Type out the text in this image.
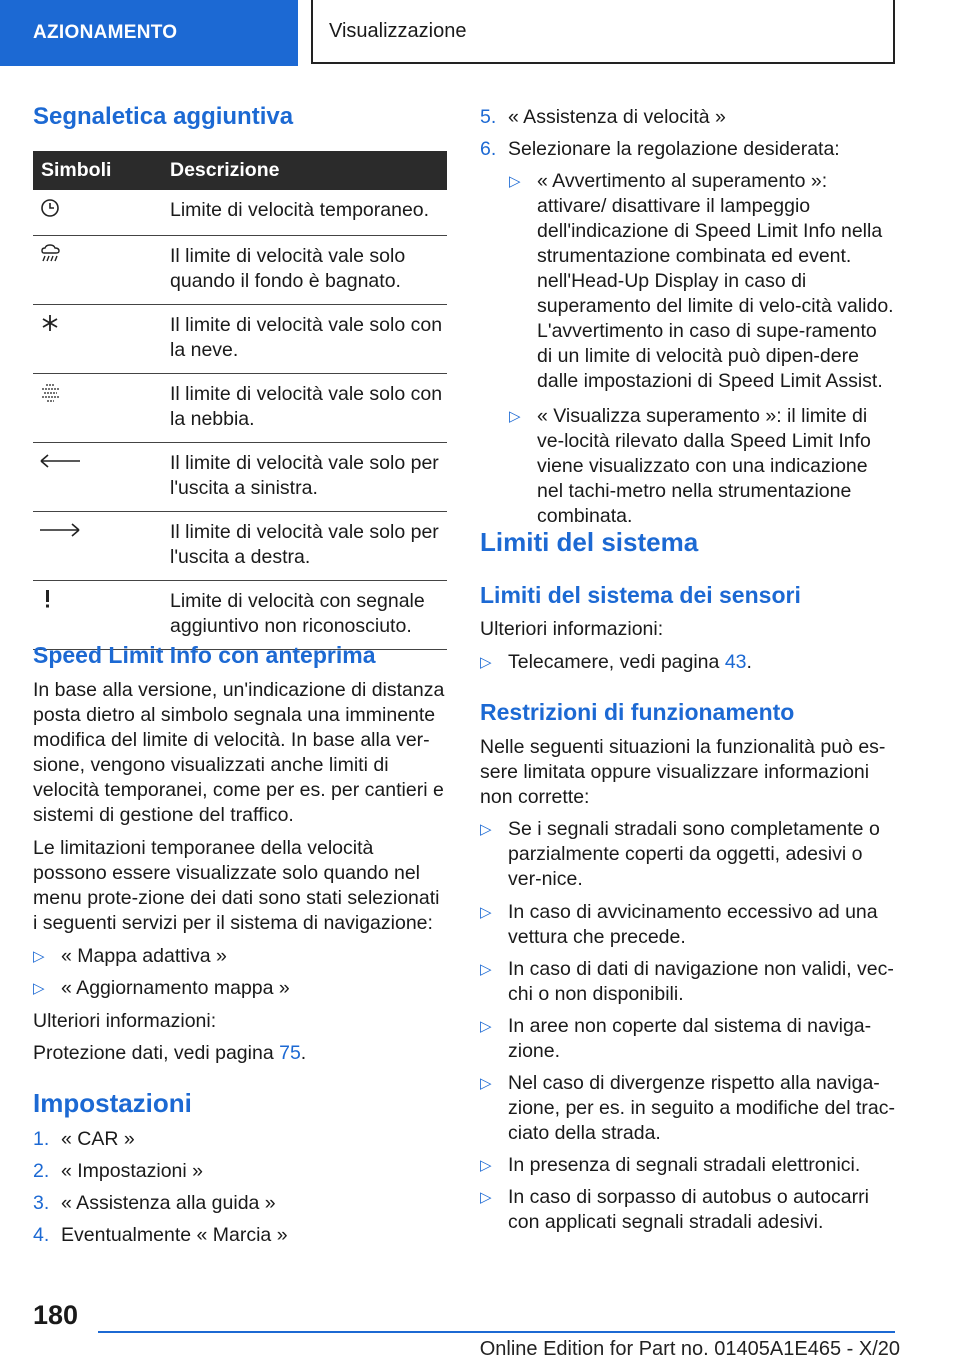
AZIONAMENTO	Visualizzazione
Segnaletica aggiuntiva
Simboli	Descrizione
	Limite di velocità temporaneo.
	Il limite di velocità vale solo quando il fondo è bagnato.
	Il limite di velocità vale solo con la neve.
	Il limite di velocità vale solo con la nebbia.
	Il limite di velocità vale solo per l'uscita a sinistra.
	Il limite di velocità vale solo per l'uscita a destra.
	Limite di velocità con segnale aggiuntivo non riconosciuto.
Speed Limit Info con anteprima

In base alla versione, un'indicazione di distanza posta dietro al simbolo segnala una imminente modifica del limite di velocità. In base alla ver-sione, vengono visualizzati anche limiti di velocità temporanei, come per es. per cantieri e sistemi di gestione del traffico.

Le limitazioni temporanee della velocità possono essere visualizzate solo quando nel menu prote-zione dei dati sono stati selezionati i seguenti servizi per il sistema di navigazione:

▷ « Mappa adattiva »

▷ « Aggiornamento mappa »

Ulteriori informazioni:

Protezione dati, vedi pagina 75.

Impostazioni

1. « CAR »

2. « Impostazioni »

3. « Assistenza alla guida »

4. Eventualmente « Marcia »

5. « Assistenza di velocità »

6. Selezionare la regolazione desiderata:

▷ « Avvertimento al superamento »: attivare/ disattivare il lampeggio dell'indicazione di Speed Limit Info nella strumentazione combinata ed event. nell'Head-Up Display in caso di superamento del limite di velo-cità valido. L'avvertimento in caso di supe-ramento di un limite di velocità può dipen-dere dalle impostazioni di Speed Limit Assist.

▷ « Visualizza superamento »: il limite di ve-locità rilevato dalla Speed Limit Info viene visualizzato con una indicazione nel tachi-metro nella strumentazione combinata.

Limiti del sistema
Limiti del sistema dei sensori

Ulteriori informazioni:

▷ Telecamere, vedi pagina 43.

Restrizioni di funzionamento

Nelle seguenti situazioni la funzionalità può es-sere limitata oppure visualizzare informazioni non corrette:

▷ Se i segnali stradali sono completamente o parzialmente coperti da oggetti, adesivi o ver-nice.

▷ In caso di avvicinamento eccessivo ad una vettura che precede.

▷ In caso di dati di navigazione non validi, vec-chi o non disponibili.

▷ In aree non coperte dal sistema di naviga-zione.

▷ Nel caso di divergenze rispetto alla naviga-zione, per es. in seguito a modifiche del trac-ciato della strada.

▷ In presenza di segnali stradali elettronici.

▷ In caso di sorpasso di autobus o autocarri con applicati segnali stradali adesivi.

180
Online Edition for Part no. 01405A1E465 - X/20
